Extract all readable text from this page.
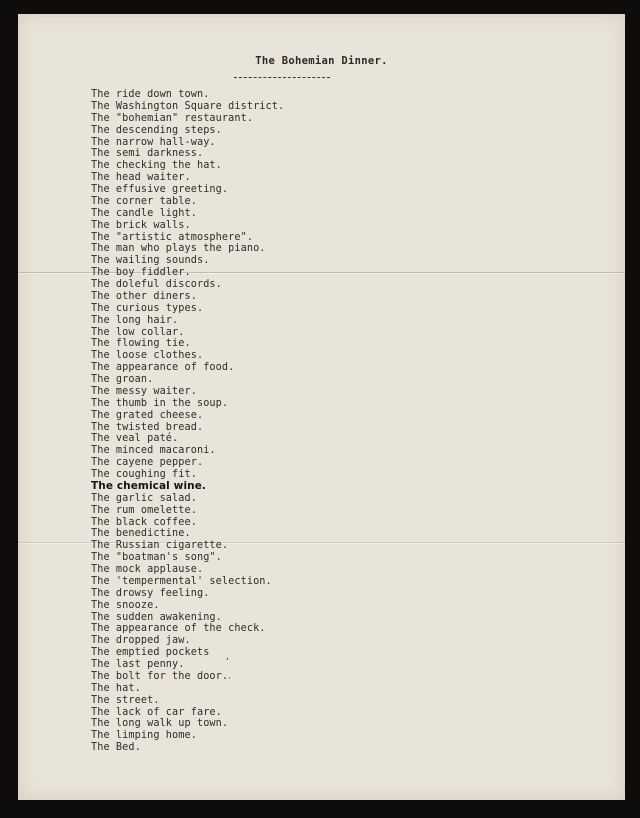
The Bohemian Dinner.
The ride down town.
The Washington Square district.
The "bohemian" restaurant.
The descending steps.
The narrow hall-way.
The semi darkness.
The checking the hat.
The head waiter.
The effusive greeting.
The corner table.
The candle light.
The brick walls.
The "artistic atmosphere".
The man who plays the piano.
The wailing sounds.
The boy fiddler.
The doleful discords.
The other diners.
The curious types.
The long hair.
The low collar.
The flowing tie.
The loose clothes.
The appearance of food.
The groan.
The messy waiter.
The thumb in the soup.
The grated cheese.
The twisted bread.
The veal paté.
The minced macaroni.
The cayene pepper.
The coughing fit.
The chemical wine.
The garlic salad.
The rum omelette.
The black coffee.
The benedictine.
The Russian cigarette.
The "boatman's song".
The mock applause.
The 'tempermental' selection.
The drowsy feeling.
The snooze.
The sudden awakening.
The appearance of the check.
The dropped jaw.
The emptied pockets
The last penny.
The bolt for the door.
The hat.
The street.
The lack of car fare.
The long walk up town.
The limping home.
The Bed.
,
·
